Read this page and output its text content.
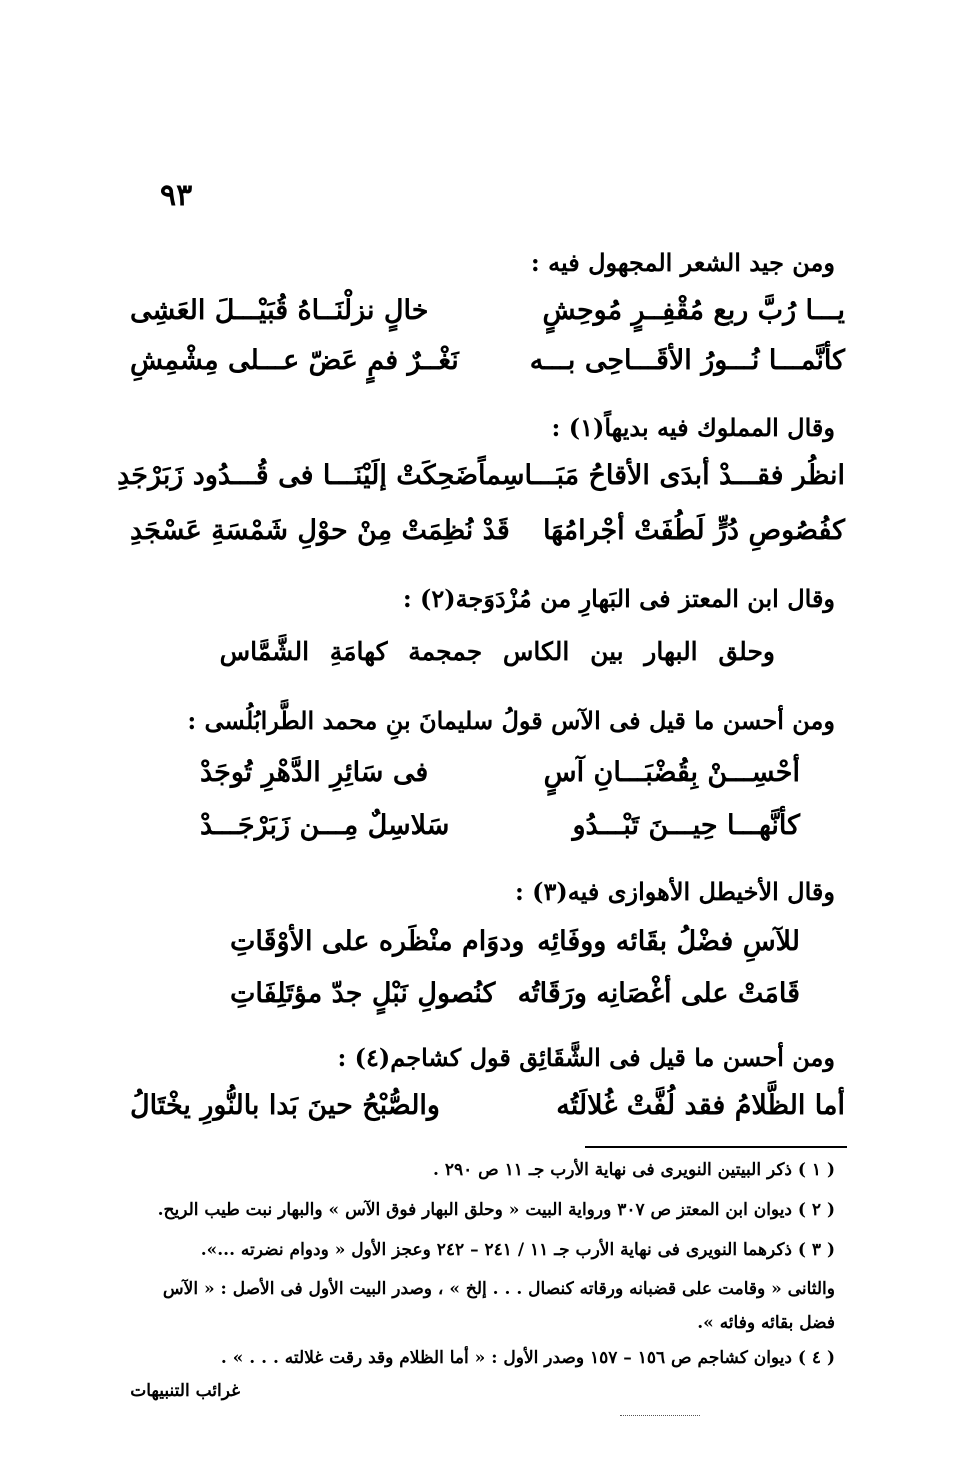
٩٣
ومن جيد الشعر المجهول فيه :
يـــا رُبَّ ربع مُقْفِــرٍ مُوحِشٍ
خالٍ نزلْنَــاهُ قُبَيْـــلَ العَشِى
كأنَّمـــا نُـــورُ الأقَـــاحِى بـــه
نَغْــرٌ فمٍ عَضّ عـــلى مِشْمِشِ
وقال المملوك فيه بديهاً(١) :
انظُر فقـــدْ أبدَى الأقاحُ مَبَـــاسِماً
ضَحِكَتْ إلَيْنَـــا فى قُـــدُود زَبَرْجَدِ
كفُصُوصِ دُرٍّ لَطُفَتْ أجْرامُهَا
قَدْ نُظِمَتْ مِنْ حوْلِ شَمْسَةِ عَسْجَدِ
وقال ابن المعتز فى البَهارِ من مُزْدَوَجة(٢) :
وحلق البهار بين الكاس جمجمة كهامَةِ الشَّمَّاس
ومن أحسن ما قيل فى الآس قولُ سليمانَ بنِ محمد الطَّرابُلُسى :
أحْسِـــنْ بِقُضْبَـــانِ آسٍ
فى سَائِرِ الدَّهْرِ تُوجَدْ
كأنَّهـــا حِيـــنَ تَبْـــدُو
سَلاسِلٌ مِـــن زَبَرْجَـــدْ
وقال الأخيطل الأهوازى فيه(٣) :
للآسِ فضْلُ بقَائه ووفَائِه
ودوَام منْظَره على الأوْقَاتِ
قَامَتْ على أغْصَانِه ورَقَاتُه
كنُصولِ نَبْلٍ جدّ مؤتَلِفَاتِ
ومن أحسن ما قيل فى الشَّقَائِق قول كشاجم(٤) :
أما الظَّلامُ فقد لُفَّتْ غُلالَتُه
والصُّبْحُ حينَ بَدا بالنُّورِ يخْتَالُ
( ١ ) ذكر البيتين النويرى فى نهاية الأرب جـ ١١ ص ٢٩٠ .
( ٢ ) ديوان ابن المعتز ص ٣٠٧ ورواية البيت « وحلق البهار فوق الآس » والبهار نبت طيب الريح.
( ٣ ) ذكرهما النويرى فى نهاية الأرب جـ ١١ / ٢٤١ – ٢٤٢ وعجز الأول « ودوام نضرته ...».
والثانى « وقامت على قضبانه ورقاته كنصال . . . إلخ » ، وصدر البيت الأول فى الأصل : « الآس فضل بقائه وفائه ».
( ٤ ) ديوان كشاجم ص ١٥٦ – ١٥٧ وصدر الأول : « أما الظلام وقد رقت غلالته . . . » .
غرائب التنبيهات
